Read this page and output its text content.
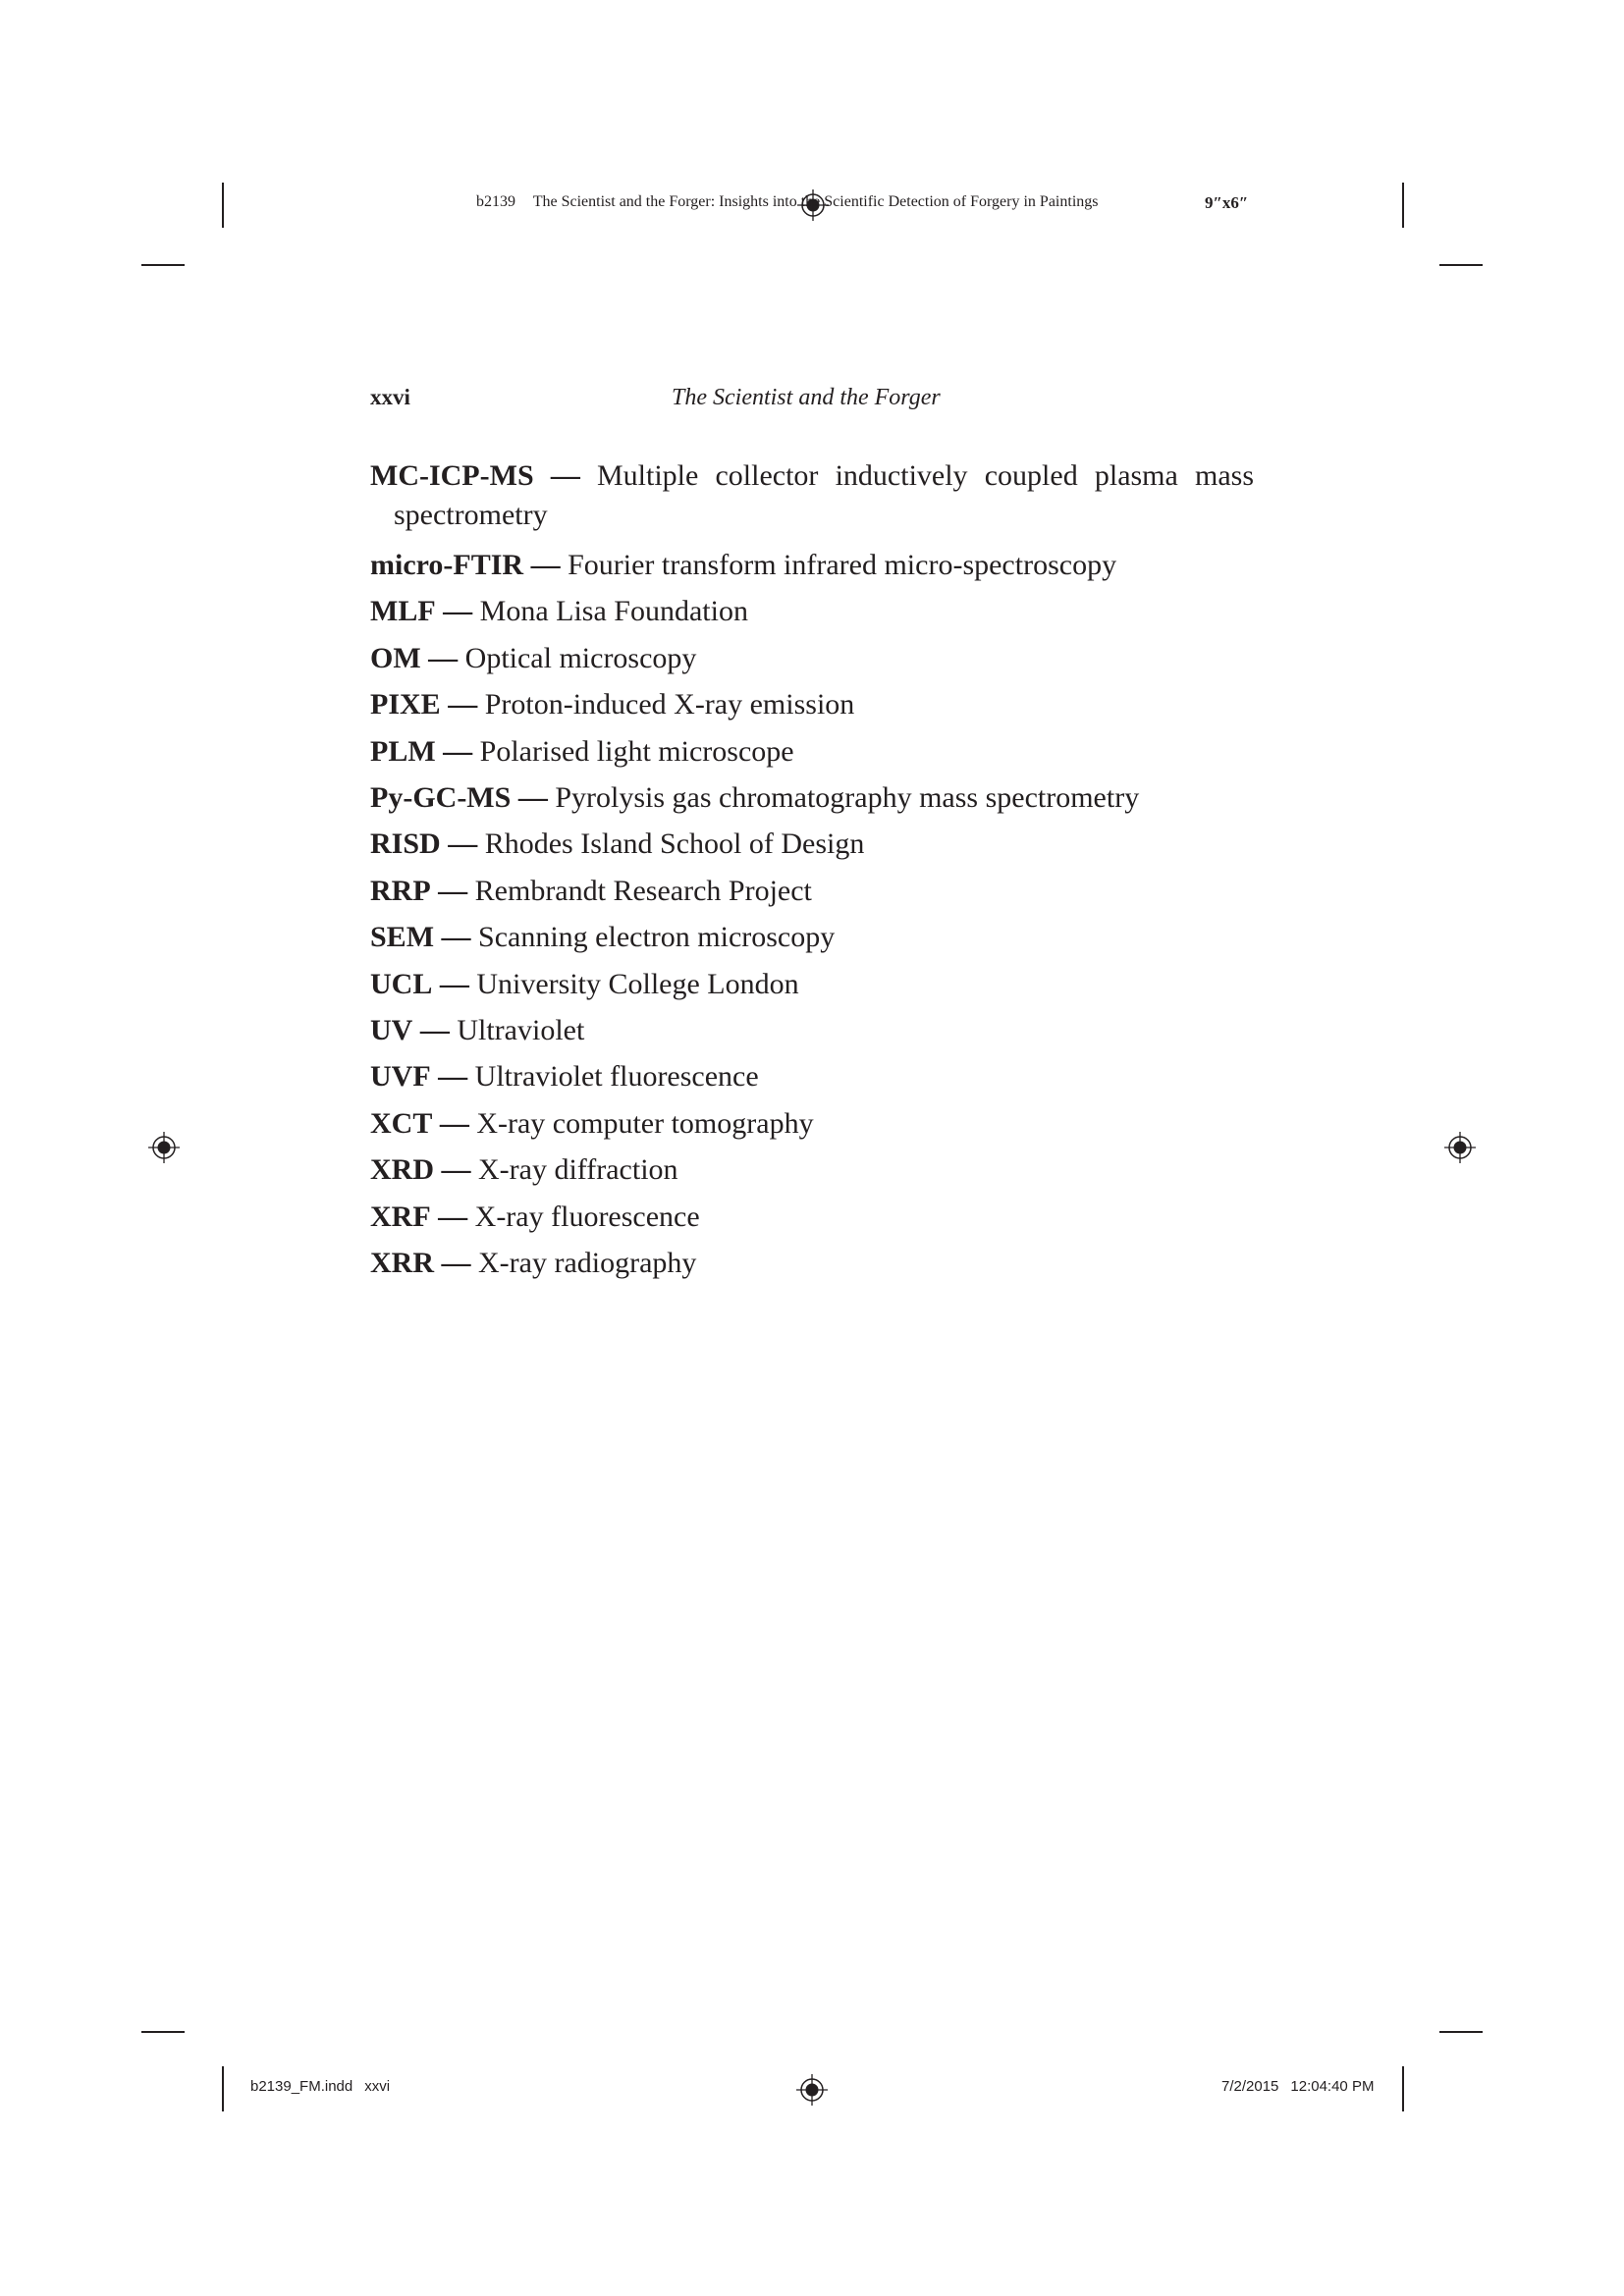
b2139 The Scientist and the Forger: Insights into the Scientific Detection of Forgery in Paintings	9″x6″
xxvi	The Scientist and the Forger
MC-ICP-MS — Multiple collector inductively coupled plasma mass spectrometry
micro-FTIR — Fourier transform infrared micro-spectroscopy
MLF — Mona Lisa Foundation
OM — Optical microscopy
PIXE — Proton-induced X-ray emission
PLM — Polarised light microscope
Py-GC-MS — Pyrolysis gas chromatography mass spectrometry
RISD — Rhodes Island School of Design
RRP — Rembrandt Research Project
SEM — Scanning electron microscopy
UCL — University College London
UV — Ultraviolet
UVF — Ultraviolet fluorescence
XCT — X-ray computer tomography
XRD — X-ray diffraction
XRF — X-ray fluorescence
XRR — X-ray radiography
b2139_FM.indd xxvi	7/2/2015 12:04:40 PM
